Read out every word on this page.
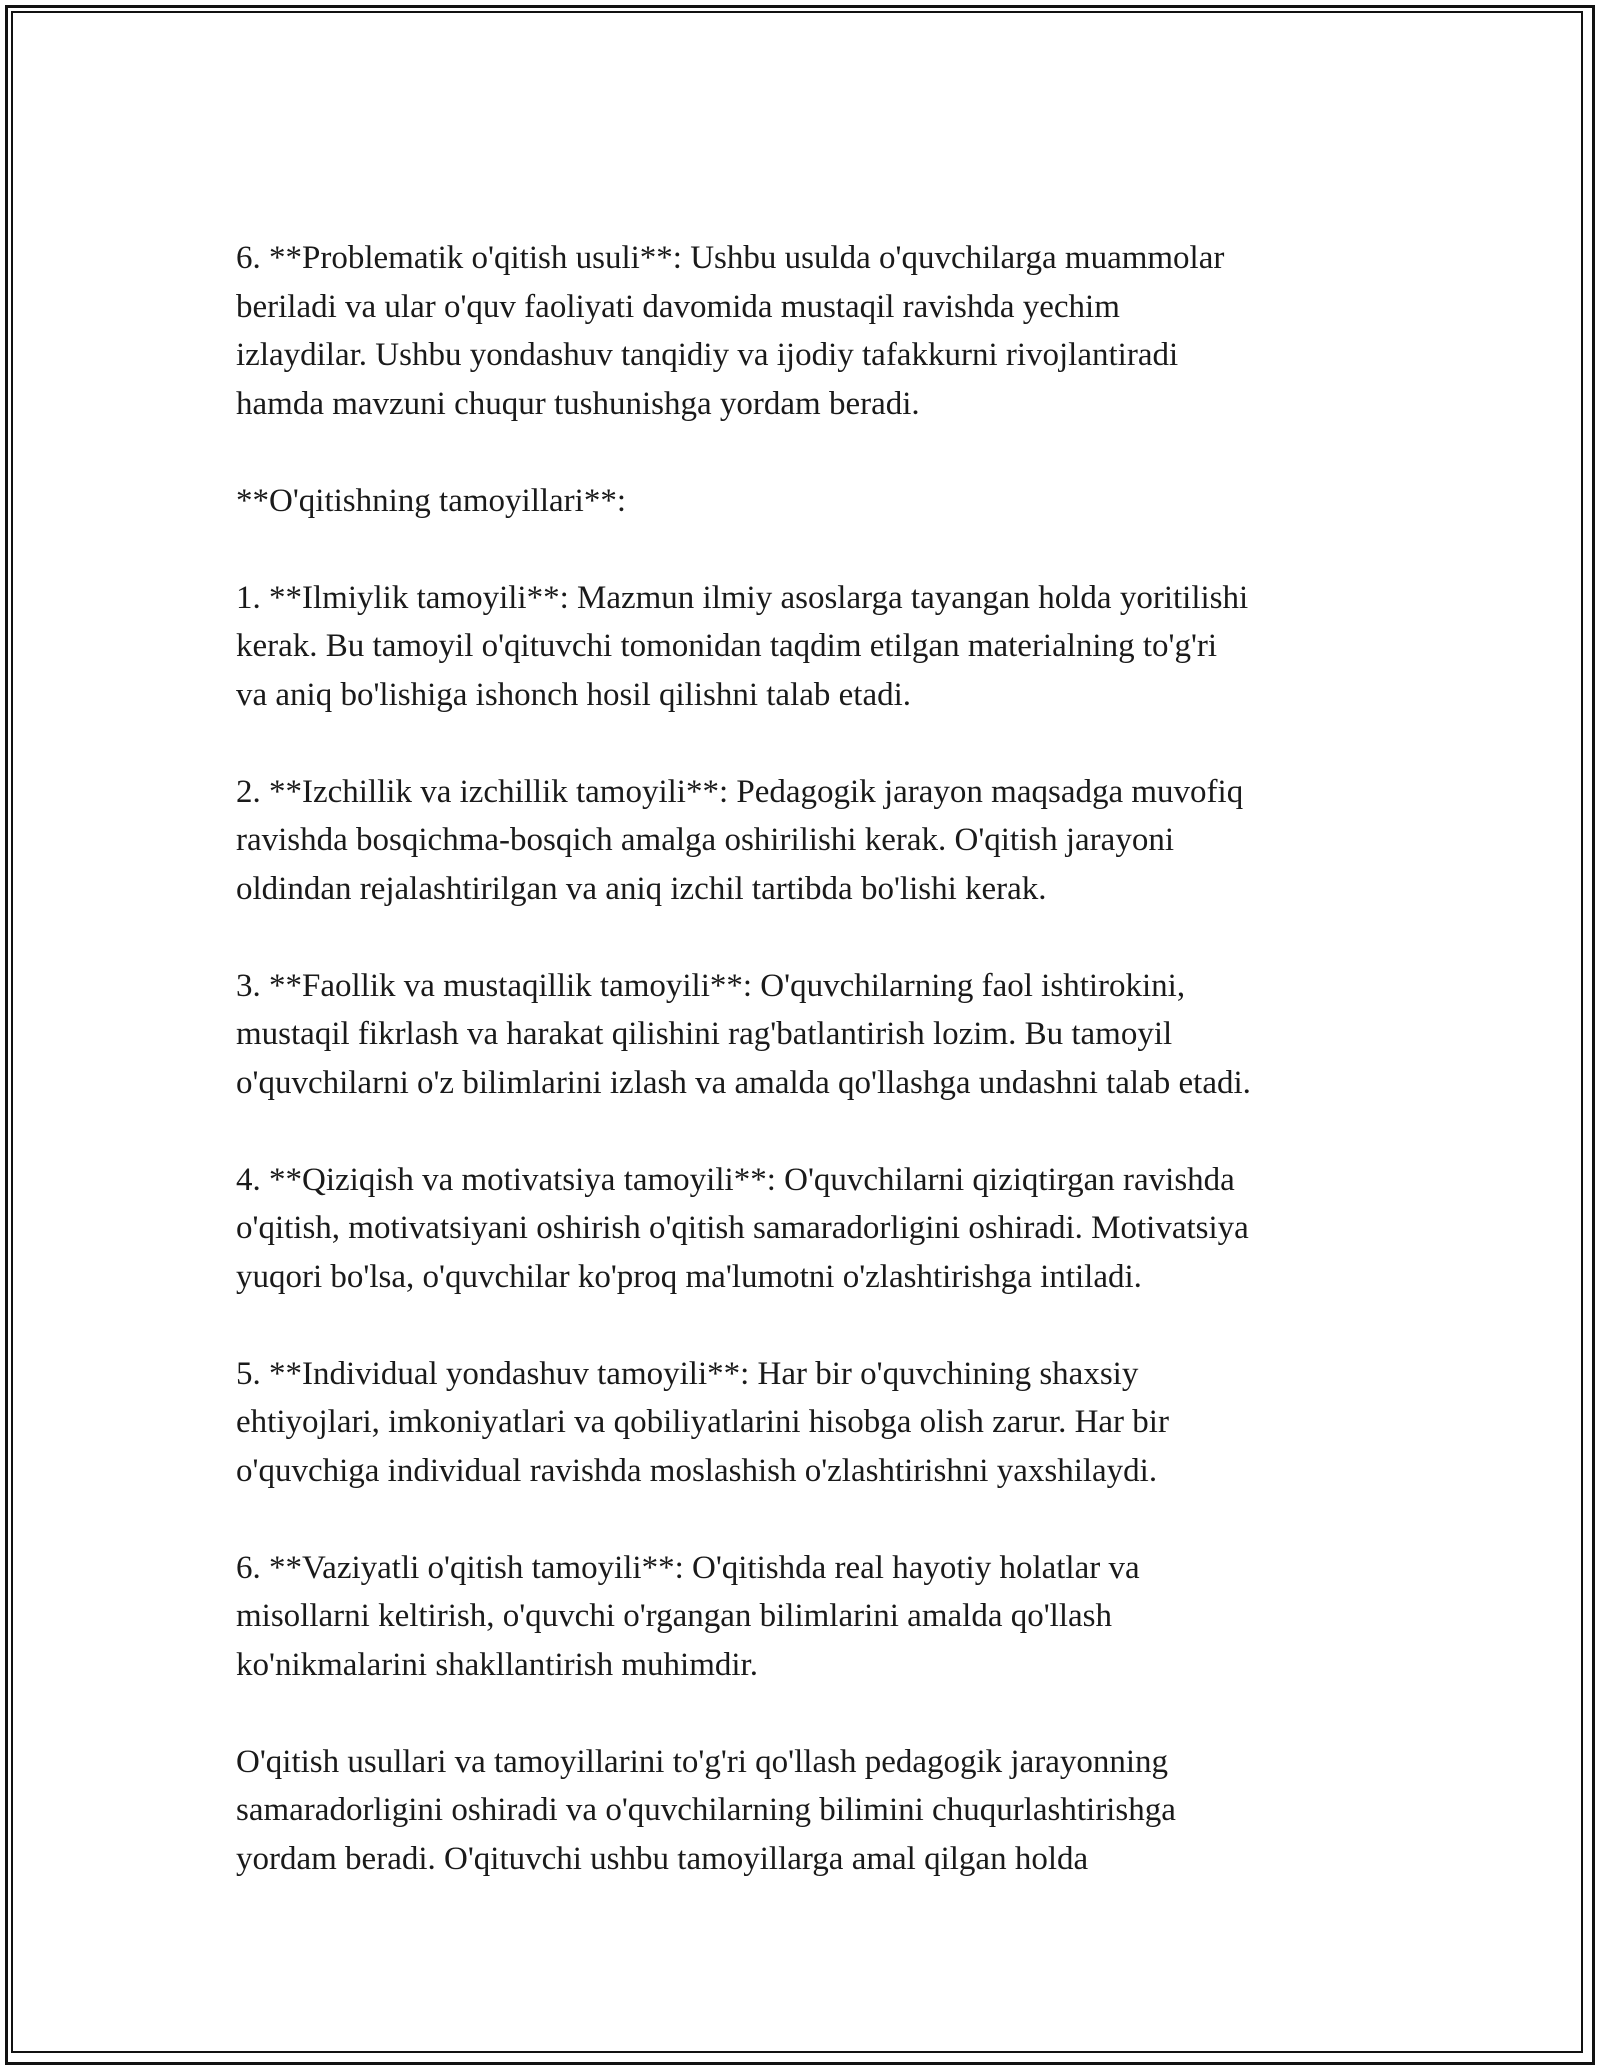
6. **Problematik o'qitish usuli**: Ushbu usulda o'quvchilarga muammolar
beriladi va ular o'quv faoliyati davomida mustaqil ravishda yechim
izlaydilar. Ushbu yondashuv tanqidiy va ijodiy tafakkurni rivojlantiradi
hamda mavzuni chuqur tushunishga yordam beradi.

**O'qitishning tamoyillari**:

1. **Ilmiylik tamoyili**: Mazmun ilmiy asoslarga tayangan holda yoritilishi
kerak. Bu tamoyil o'qituvchi tomonidan taqdim etilgan materialning to'g'ri
va aniq bo'lishiga ishonch hosil qilishni talab etadi.

2. **Izchillik va izchillik tamoyili**: Pedagogik jarayon maqsadga muvofiq
ravishda bosqichma-bosqich amalga oshirilishi kerak. O'qitish jarayoni
oldindan rejalashtirilgan va aniq izchil tartibda bo'lishi kerak.

3. **Faollik va mustaqillik tamoyili**: O'quvchilarning faol ishtirokini,
mustaqil fikrlash va harakat qilishini rag'batlantirish lozim. Bu tamoyil
o'quvchilarni o'z bilimlarini izlash va amalda qo'llashga undashni talab etadi.

4. **Qiziqish va motivatsiya tamoyili**: O'quvchilarni qiziqtirgan ravishda
o'qitish, motivatsiyani oshirish o'qitish samaradorligini oshiradi. Motivatsiya
yuqori bo'lsa, o'quvchilar ko'proq ma'lumotni o'zlashtirishga intiladi.

5. **Individual yondashuv tamoyili**: Har bir o'quvchining shaxsiy
ehtiyojlari, imkoniyatlari va qobiliyatlarini hisobga olish zarur. Har bir
o'quvchiga individual ravishda moslashish o'zlashtirishni yaxshilaydi.

6. **Vaziyatli o'qitish tamoyili**: O'qitishda real hayotiy holatlar va
misollarni keltirish, o'quvchi o'rgangan bilimlarini amalda qo'llash
ko'nikmalarini shakllantirish muhimdir.

O'qitish usullari va tamoyillarini to'g'ri qo'llash pedagogik jarayonning
samaradorligini oshiradi va o'quvchilarning bilimini chuqurlashtirishga
yordam beradi. O'qituvchi ushbu tamoyillarga amal qilgan holda
